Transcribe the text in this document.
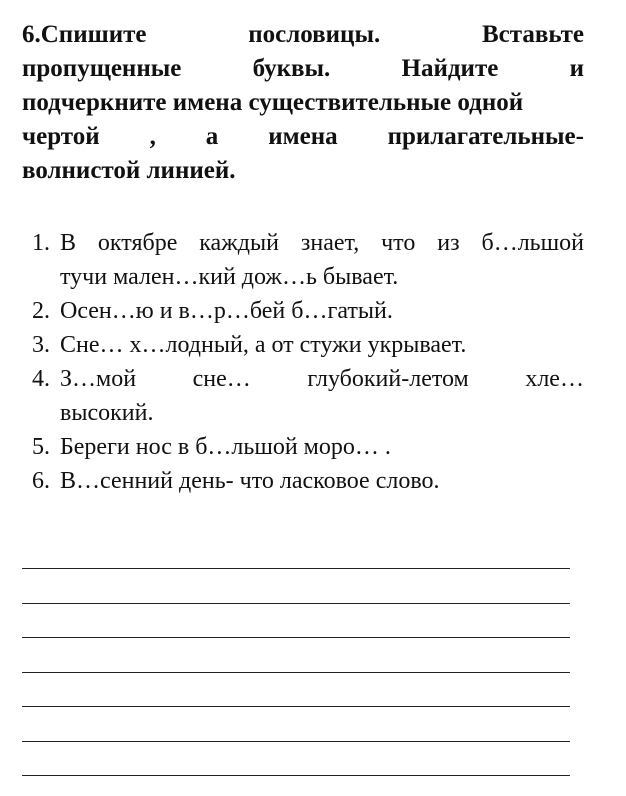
6.Спишите	пословицы.	Вставьте
пропущенные	буквы.	Найдите	и
подчеркните имена существительные одной
чертой , а имена прилагательные-
волнистой линией.
1. В октябре каждый знает, что из б…льшой
тучи мален…кий дож…ь бывает.
2. Осен…ю и в…р…бей б…гатый.
3. Сне… х…лодный, а от стужи укрывает.
4. З…мой сне… глубокий-летом хле…
высокий.
5. Береги нос в б…льшой моро… .
6. В…сенний день- что ласковое слово.
